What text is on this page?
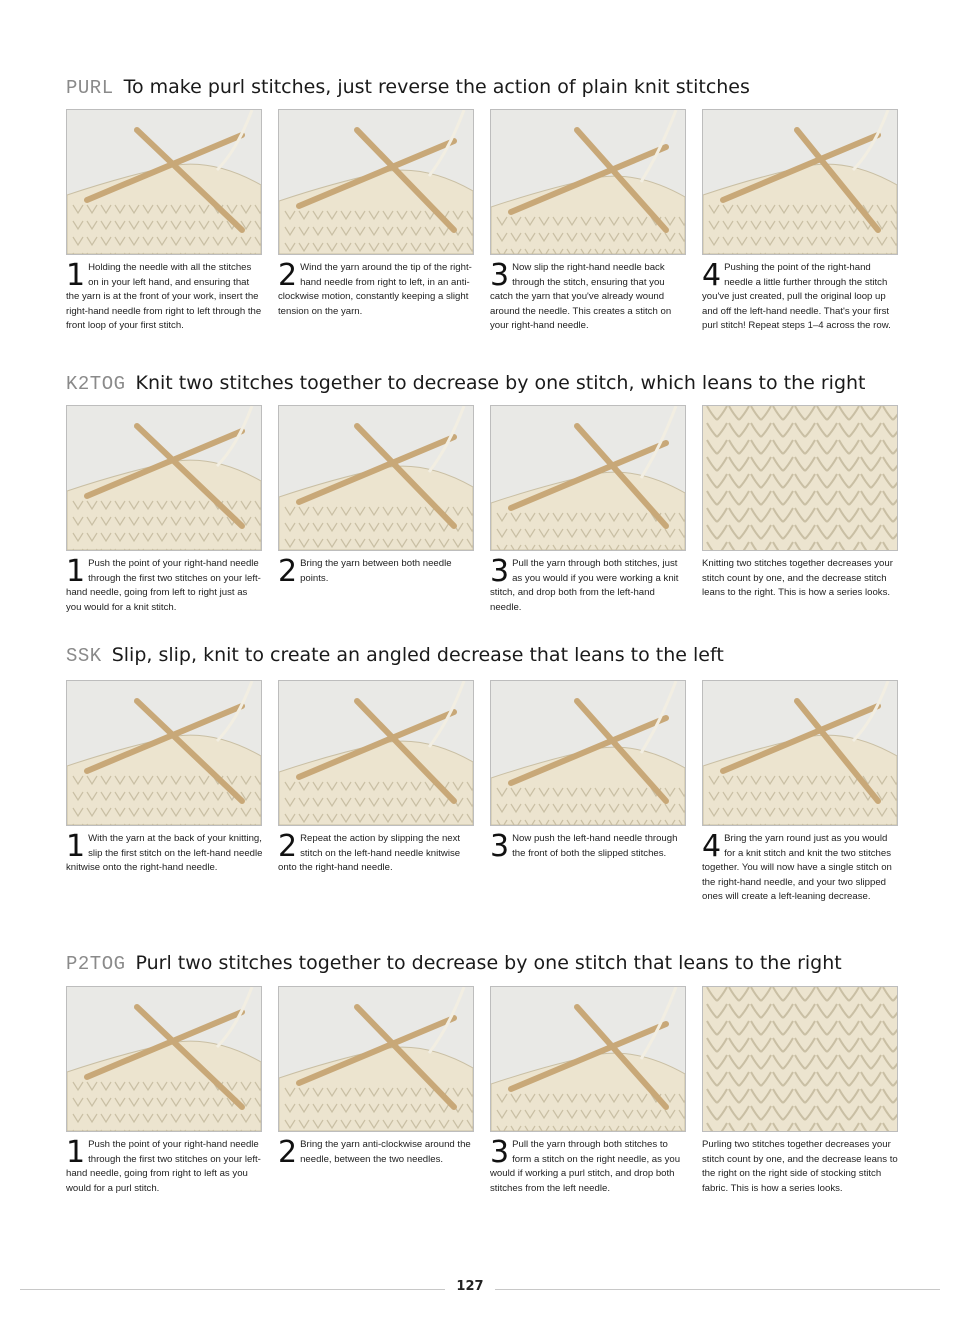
PURL To make purl stitches, just reverse the action of plain knit stitches
K2TOG Knit two stitches together to decrease by one stitch, which leans to the right
SSK Slip, slip, knit to create an angled decrease that leans to the left
P2TOG Purl two stitches together to decrease by one stitch that leans to the right
1 Holding the needle with all the stitches on in your left hand, and ensuring that the yarn is at the front of your work, insert the right-hand needle from right to left through the front loop of your first stitch.
2 Wind the yarn around the tip of the right-hand needle from right to left, in an anti-clockwise motion, constantly keeping a slight tension on the yarn.
3 Now slip the right-hand needle back through the stitch, ensuring that you catch the yarn that you've already wound around the needle. This creates a stitch on your right-hand needle.
4 Pushing the point of the right-hand needle a little further through the stitch you've just created, pull the original loop up and off the left-hand needle. That's your first purl stitch! Repeat steps 1–4 across the row.
1 Push the point of your right-hand needle through the first two stitches on your left-hand needle, going from left to right just as you would for a knit stitch.
2 Bring the yarn between both needle points.	3 Pull the yarn through both stitches, just as you would if you were working a knit stitch, and drop both from the left-hand needle.
Knitting two stitches together decreases your stitch count by one, and the decrease stitch leans to the right. This is how a series looks.
1 With the yarn at the back of your knitting, slip the first stitch on the left-hand needle knitwise onto the right-hand needle.
2 Repeat the action by slipping the next stitch on the left-hand needle knitwise onto the right-hand needle.
3 Now push the left-hand needle through the front of both the slipped stitches.	4 Bring the yarn round just as you would for a knit stitch and knit the two stitches together. You will now have a single stitch on the right-hand needle, and your two slipped ones will create a left-leaning decrease.
1 Push the point of your right-hand needle through the first two stitches on your left-hand needle, going from right to left as you would for a purl stitch.
2 Bring the yarn anti-clockwise around the needle, between the two needles.	3 Pull the yarn through both stitches to form a stitch on the right needle, as you would if working a purl stitch, and drop both stitches from the left needle.
Purling two stitches together decreases your stitch count by one, and the decrease leans to the right on the right side of stocking stitch fabric. This is how a series looks.
127
